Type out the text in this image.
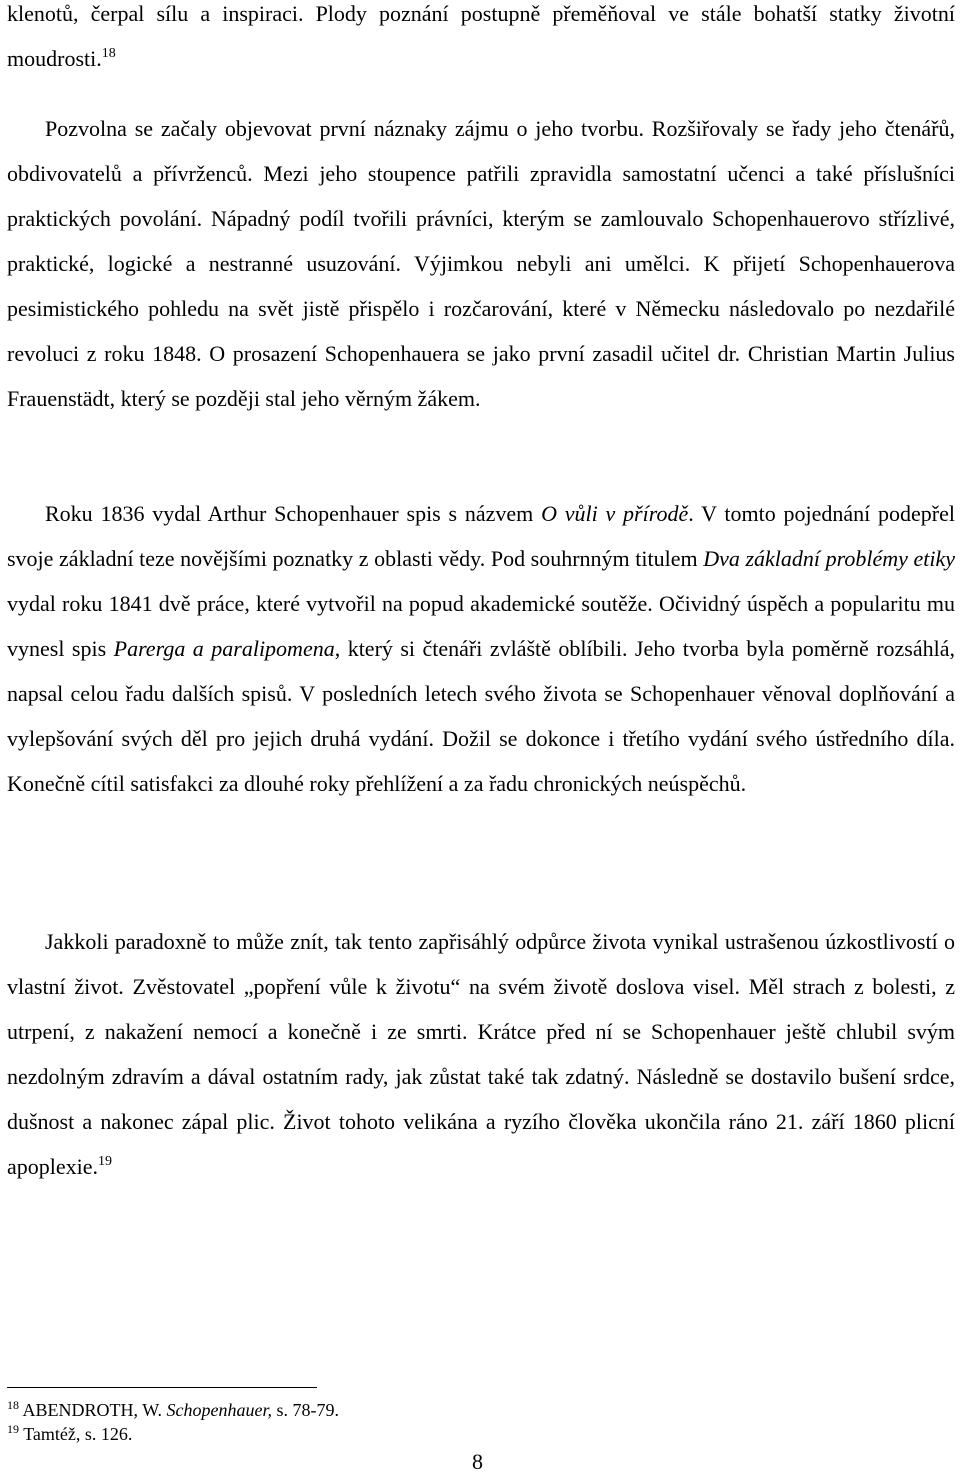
klenotů, čerpal sílu a inspiraci. Plody poznání postupně přeměňoval ve stále bohatší statky životní moudrosti.$^{18}$

Pozvolna se začaly objevovat první náznaky zájmu o jeho tvorbu. Rozšiřovaly se řady jeho čtenářů, obdivovatelů a přívrženců. Mezi jeho stoupence patřili zpravidla samostatní učenci a také příslušníci praktických povolání. Nápadný podíl tvořili právníci, kterým se zamlouvalo Schopenhauerovo střízlivé, praktické, logické a nestranné usuzování. Výjimkou nebyli ani umělci. K přijetí Schopenhauerova pesimistického pohledu na svět jistě přispělo i rozčarování, které v Německu následovalo po nezdařilé revoluci z roku 1848. O prosazení Schopenhauera se jako první zasadil učitel dr. Christian Martin Julius Frauenstädt, který se později stal jeho věrným žákem.

Roku 1836 vydal Arthur Schopenhauer spis s názvem O vůli v přírodě. V tomto pojednání podepřel svoje základní teze novějšími poznatky z oblasti vědy. Pod souhrnným titulem Dva základní problémy etiky vydal roku 1841 dvě práce, které vytvořil na popud akademické soutěže. Očividný úspěch a popularitu mu vynesl spis Parerga a paralipomena, který si čtenáři zvláště oblíbili. Jeho tvorba byla poměrně rozsáhlá, napsal celou řadu dalších spisů. V posledních letech svého života se Schopenhauer věnoval doplňování a vylepšování svých děl pro jejich druhá vydání. Dožil se dokonce i třetího vydání svého ústředního díla. Konečně cítil satisfakci za dlouhé roky přehlížení a za řadu chronických neúspěchů.

Jakkoli paradoxně to může znít, tak tento zapřisáhlý odpůrce života vynikal ustrašenou úzkostlivostí o vlastní život. Zvěstovatel „popření vůle k životu“ na svém životě doslova visel. Měl strach z bolesti, z utrpení, z nakažení nemocí a konečně i ze smrti. Krátce před ní se Schopenhauer ještě chlubil svým nezdolným zdravím a dával ostatním rady, jak zůstat také tak zdatný. Následně se dostavilo bušení srdce, dušnost a nakonec zápal plic. Život tohoto velikána a ryzího člověka ukončila ráno 21. září 1860 plicní apoplexie.$^{19}$

$^{18}$ ABENDROTH, W. Schopenhauer, s. 78-79.
$^{19}$ Tamtéž, s. 126.
8
